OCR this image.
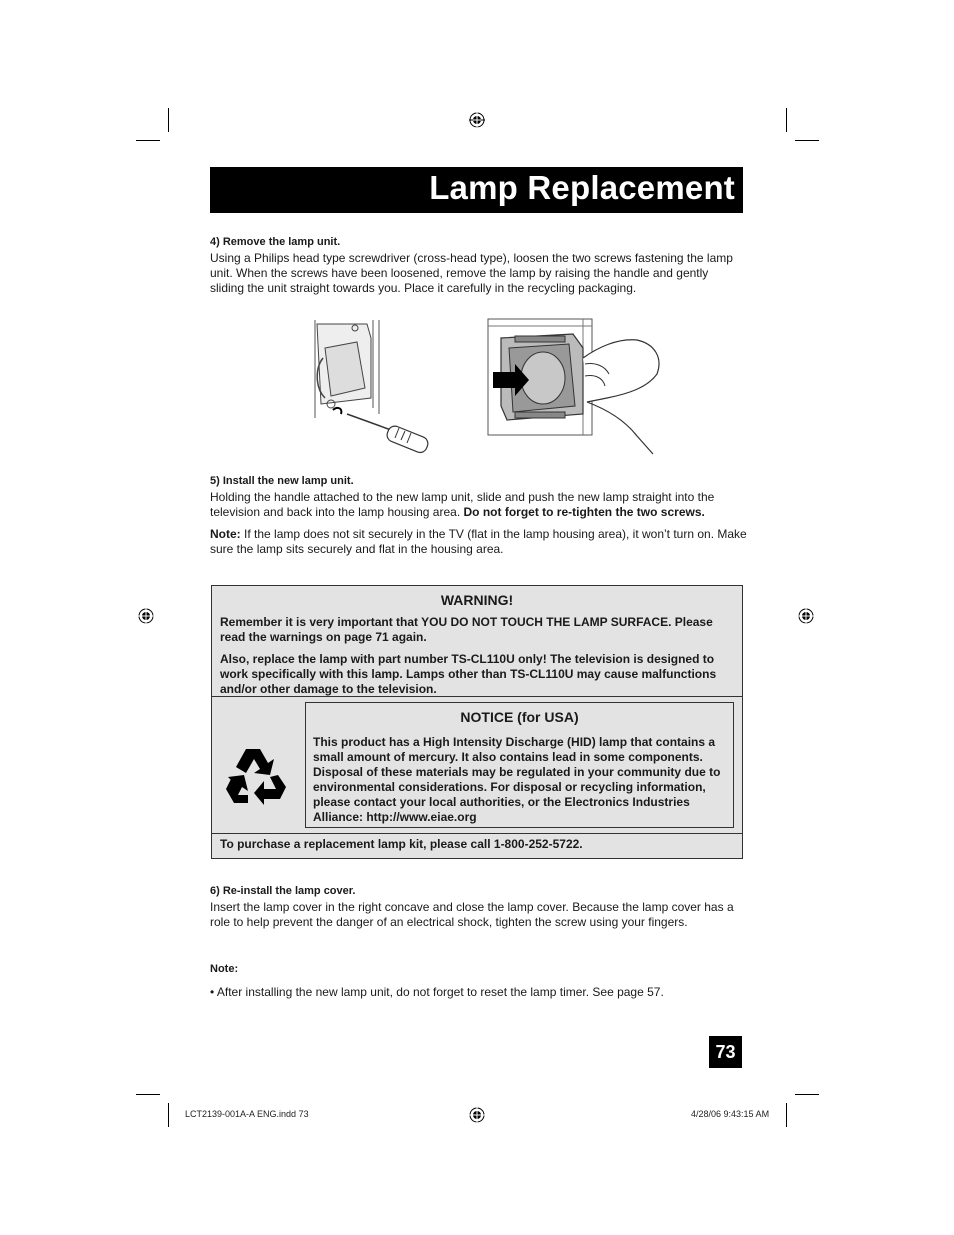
Lamp Replacement
4) Remove the lamp unit.
Using a Philips head type screwdriver (cross-head type), loosen the two screws fastening the lamp unit. When the screws have been loosened, remove the lamp by raising the handle and gently sliding the unit straight towards you. Place it carefully in the recycling packaging.
5) Install the new lamp unit.
Holding the handle attached to the new lamp unit, slide and push the new lamp straight into the television and back into the lamp housing area. Do not forget to re-tighten the two screws.
Note: If the lamp does not sit securely in the TV (flat in the lamp housing area), it won’t turn on. Make sure the lamp sits securely and flat in the housing area.
WARNING!
Remember it is very important that YOU DO NOT TOUCH THE LAMP SURFACE. Please read the warnings on page 71 again.
Also, replace the lamp with part number TS-CL110U only! The television is designed to work specifically with this lamp. Lamps other than TS-CL110U may cause malfunctions and/or other damage to the television.
NOTICE (for USA)
This product has a High Intensity Discharge (HID) lamp that contains a small amount of mercury. It also contains lead in some components. Disposal of these materials may be regulated in your community due to environmental considerations. For disposal or recycling information, please contact your local authorities, or the Electronics Industries Alliance: http://www.eiae.org
To purchase a replacement lamp kit, please call 1-800-252-5722.
6) Re-install the lamp cover.
Insert the lamp cover in the right concave and close the lamp cover. Because the lamp cover has a role to help prevent the danger of an electrical shock, tighten the screw using your fingers.
Note:
• After installing the new lamp unit, do not forget to reset the lamp timer. See page 57.
73
LCT2139-001A-A ENG.indd 73	4/28/06 9:43:15 AM
